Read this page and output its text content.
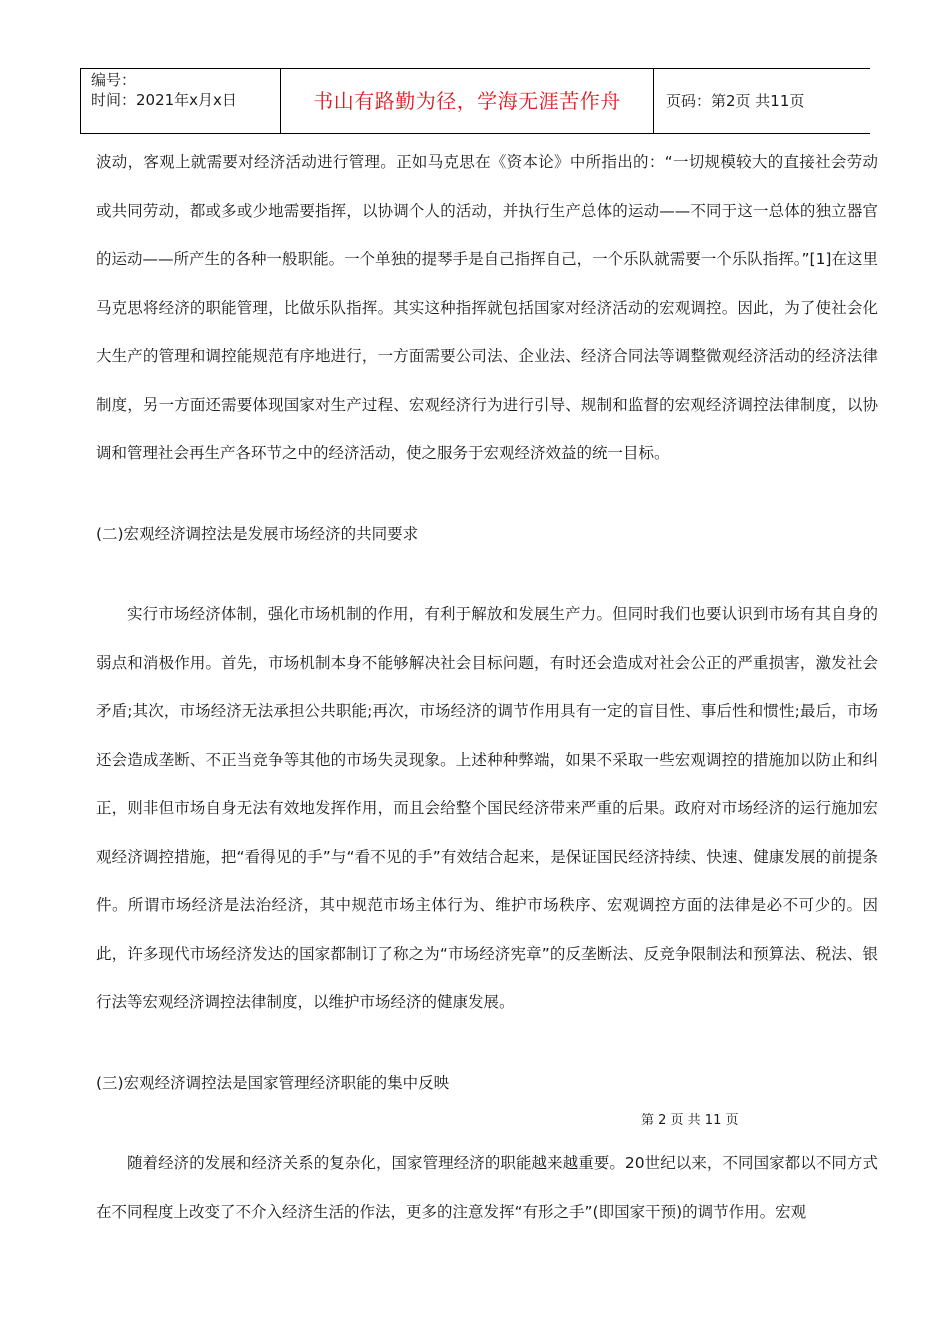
编号：
时间：2021年x月x日	书山有路勤为径，学海无涯苦作舟	页码：第2页 共11页

波动，客观上就需要对经济活动进行管理。正如马克思在《资本论》中所指出的：“一切规模较大的直接社会劳动或共同劳动，都或多或少地需要指挥，以协调个人的活动，并执行生产总体的运动——不同于这一总体的独立器官的运动——所产生的各种一般职能。一个单独的提琴手是自己指挥自己，一个乐队就需要一个乐队指挥。”[1]在这里马克思将经济的职能管理，比做乐队指挥。其实这种指挥就包括国家对经济活动的宏观调控。因此，为了使社会化大生产的管理和调控能规范有序地进行，一方面需要公司法、企业法、经济合同法等调整微观经济活动的经济法律制度，另一方面还需要体现国家对生产过程、宏观经济行为进行引导、规制和监督的宏观经济调控法律制度，以协调和管理社会再生产各环节之中的经济活动，使之服务于宏观经济效益的统一目标。

(二)宏观经济调控法是发展市场经济的共同要求

实行市场经济体制，强化市场机制的作用，有利于解放和发展生产力。但同时我们也要认识到市场有其自身的弱点和消极作用。首先，市场机制本身不能够解决社会目标问题，有时还会造成对社会公正的严重损害，激发社会矛盾;其次，市场经济无法承担公共职能;再次，市场经济的调节作用具有一定的盲目性、事后性和惯性;最后，市场还会造成垄断、不正当竞争等其他的市场失灵现象。上述种种弊端，如果不采取一些宏观调控的措施加以防止和纠正，则非但市场自身无法有效地发挥作用，而且会给整个国民经济带来严重的后果。政府对市场经济的运行施加宏观经济调控措施，把“看得见的手”与“看不见的手”有效结合起来，是保证国民经济持续、快速、健康发展的前提条件。所谓市场经济是法治经济，其中规范市场主体行为、维护市场秩序、宏观调控方面的法律是必不可少的。因此，许多现代市场经济发达的国家都制订了称之为“市场经济宪章”的反垄断法、反竞争限制法和预算法、税法、银行法等宏观经济调控法律制度，以维护市场经济的健康发展。

(三)宏观经济调控法是国家管理经济职能的集中反映

随着经济的发展和经济关系的复杂化，国家管理经济的职能越来越重要。20世纪以来，不同国家都以不同方式在不同程度上改变了不介入经济生活的作法，更多的注意发挥“有形之手”(即国家干预)的调节作用。宏观

第 2 页 共 11 页
